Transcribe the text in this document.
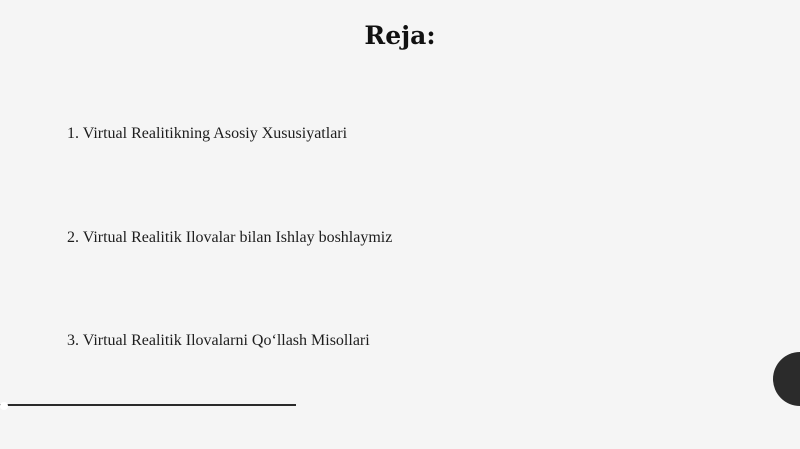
Reja:
1. Virtual Realitikning Asosiy Xususiyatlari
2. Virtual Realitik Ilovalar bilan Ishlay boshlaymiz
3. Virtual Realitik Ilovalarni Qo‘llash Misollari
